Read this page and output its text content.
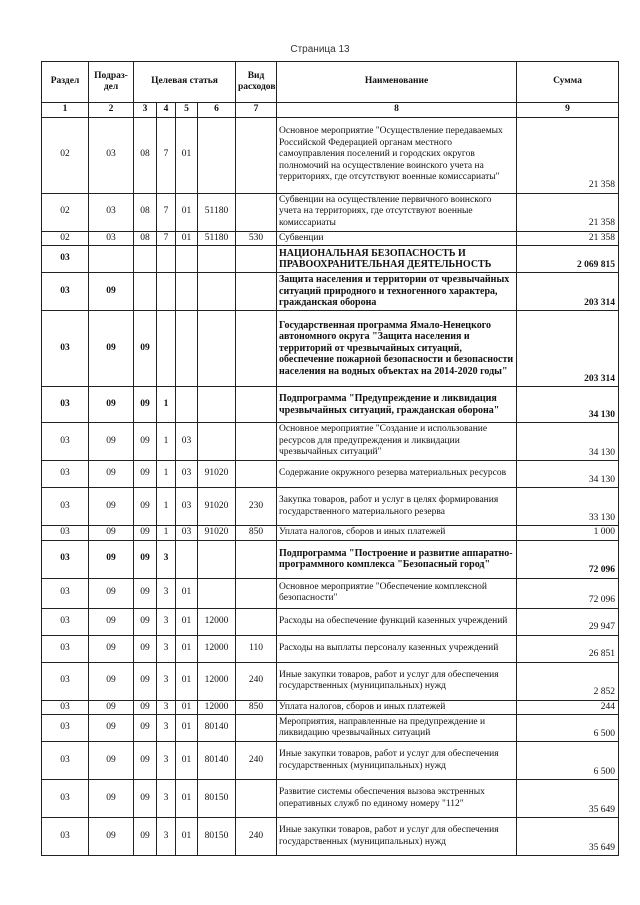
Страница 13
Раздел	Подраз-дел	Целевая статья				Вид расходов	Наименование	Сумма
1	2	3	4	5	6	7	8	9
02	03	08	7	01			Основное мероприятие "Осуществление передаваемых Российской Федерацией органам местного самоуправления поселений и городских округов полномочий на осуществление воинского учета на территориях, где отсутствуют военные комиссариаты"	21 358
02	03	08	7	01	51180		Субвенции на осуществление первичного воинского учета на территориях, где отсутствуют военные комиссариаты	21 358
02	03	08	7	01	51180	530	Субвенции	21 358
03							НАЦИОНАЛЬНАЯ БЕЗОПАСНОСТЬ И ПРАВООХРАНИТЕЛЬНАЯ ДЕЯТЕЛЬНОСТЬ	2 069 815
03	09						Защита населения и территории от чрезвычайных ситуаций природного и техногенного характера, гражданская оборона	203 314
03	09	09					Государственная программа Ямало-Ненецкого автономного округа "Защита населения и территорий от чрезвычайных ситуаций, обеспечение пожарной безопасности и безопасности населения на водных объектах на 2014-2020 годы"	203 314
03	09	09	1				Подпрограмма "Предупреждение и ликвидация чрезвычайных ситуаций, гражданская оборона"	34 130
03	09	09	1	03			Основное мероприятие "Создание и использование ресурсов для предупреждения и ликвидации чрезвычайных ситуаций"	34 130
03	09	09	1	03	91020		Содержание окружного резерва материальных ресурсов	34 130
03	09	09	1	03	91020	230	Закупка товаров, работ и услуг в целях формирования государственного материального резерва	33 130
03	09	09	1	03	91020	850	Уплата налогов, сборов и иных платежей	1 000
03	09	09	3				Подпрограмма "Построение и развитие аппаратно-программного комплекса "Безопасный город"	72 096
03	09	09	3	01			Основное мероприятие "Обеспечение комплексной безопасности"	72 096
03	09	09	3	01	12000		Расходы на обеспечение функций казенных учреждений	29 947
03	09	09	3	01	12000	110	Расходы на выплаты персоналу казенных учреждений	26 851
03	09	09	3	01	12000	240	Иные закупки товаров, работ и услуг для обеспечения государственных (муниципальных) нужд	2 852
03	09	09	3	01	12000	850	Уплата налогов, сборов и иных платежей	244
03	09	09	3	01	80140		Мероприятия, направленные на предупреждение и ликвидацию чрезвычайных ситуаций	6 500
03	09	09	3	01	80140	240	Иные закупки товаров, работ и услуг для обеспечения государственных (муниципальных) нужд	6 500
03	09	09	3	01	80150		Развитие системы обеспечения вызова экстренных оперативных служб по единому номеру "112"	35 649
03	09	09	3	01	80150	240	Иные закупки товаров, работ и услуг для обеспечения государственных (муниципальных) нужд	35 649
